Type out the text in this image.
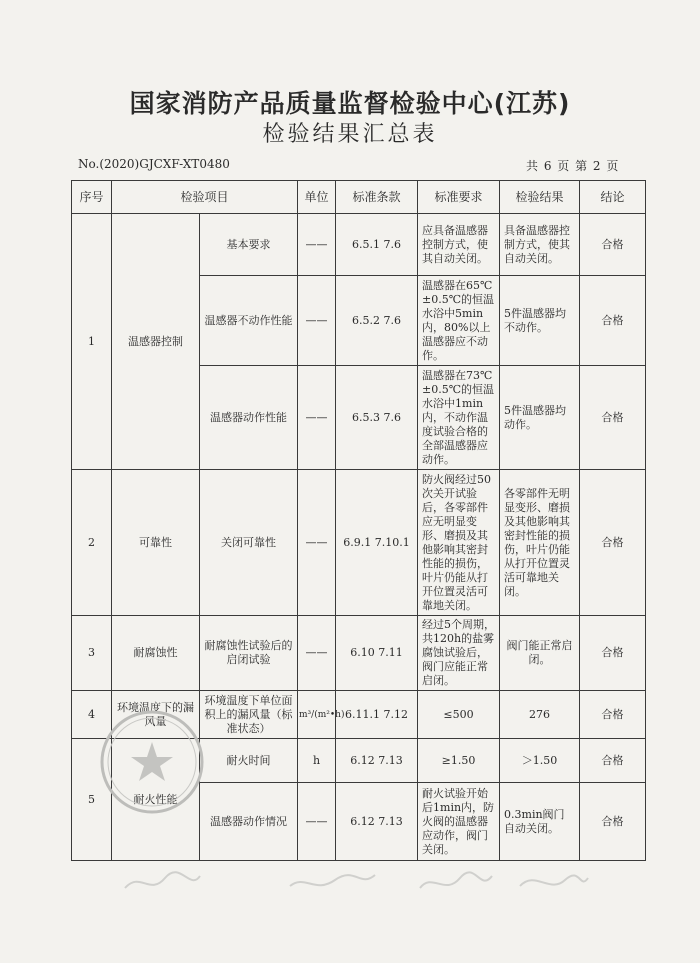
国家消防产品质量监督检验中心(江苏)
检验结果汇总表
No.(2020)GJCXF-XT0480	共 6 页 第 2 页
序号	检验项目		单位	标准条款	标准要求	检验结果	结论
1	温感器控制	基本要求	——	6.5.1 7.6	应具备温感器控制方式，使其自动关闭。	具备温感器控制方式，使其自动关闭。	合格
		温感器不动作性能	——	6.5.2 7.6	温感器在65℃±0.5℃的恒温水浴中5min内，80%以上温感器应不动作。	5件温感器均不动作。	合格
		温感器动作性能	——	6.5.3 7.6	温感器在73℃±0.5℃的恒温水浴中1min内，不动作温度试验合格的全部温感器应动作。	5件温感器均动作。	合格
2	可靠性	关闭可靠性	——	6.9.1 7.10.1	防火阀经过50次关开试验后，各零部件应无明显变形、磨损及其他影响其密封性能的损伤，叶片仍能从打开位置灵活可靠地关闭。	各零部件无明显变形、磨损及其他影响其密封性能的损伤，叶片仍能从打开位置灵活可靠地关闭。	合格
3	耐腐蚀性	耐腐蚀性试验后的启闭试验	——	6.10 7.11	经过5个周期，共120h的盐雾腐蚀试验后，阀门应能正常启闭。	阀门能正常启闭。	合格
4	环境温度下的漏风量	环境温度下单位面积上的漏风量（标准状态）	m³/(m²•h)	6.11.1 7.12	≤500	276	合格
5	耐火性能	耐火时间	h	6.12 7.13	≥1.50	＞1.50	合格
		温感器动作情况	——	6.12 7.13	耐火试验开始后1min内，防火阀的温感器应动作，阀门关闭。	0.3min阀门自动关闭。	合格
